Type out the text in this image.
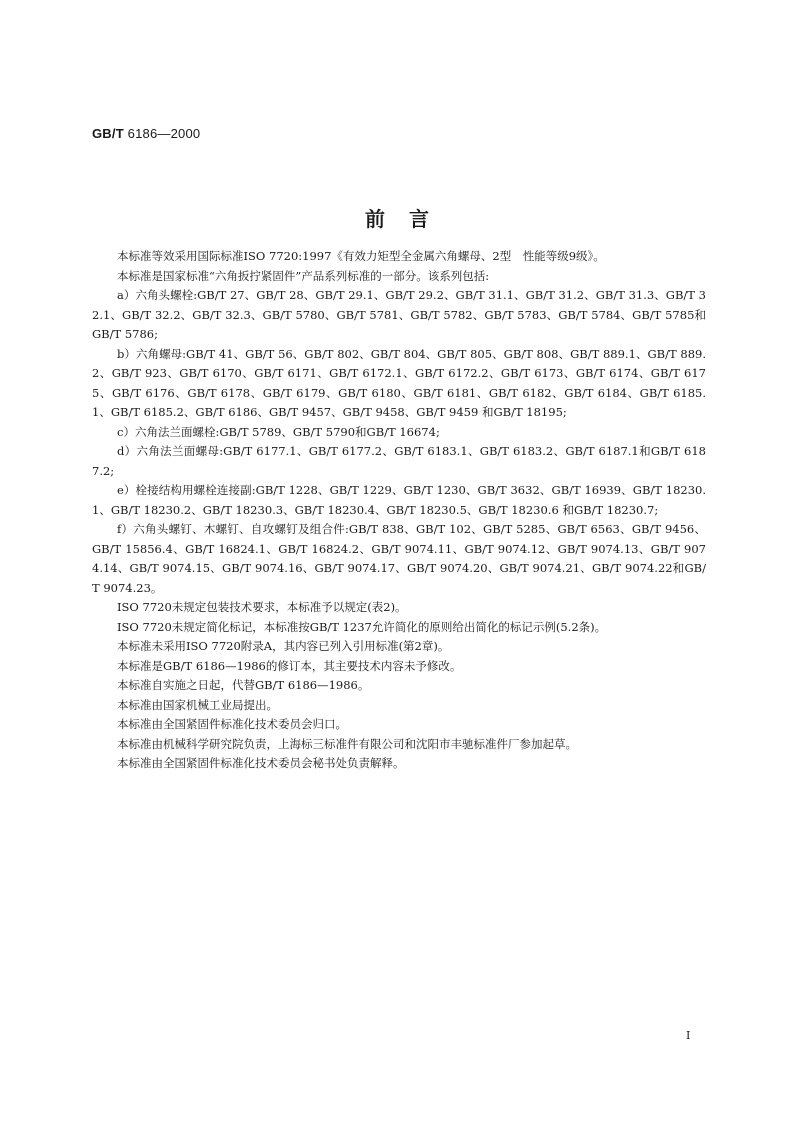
GB/T 6186—2000
前言

本标准等效采用国际标准ISO 7720:1997《有效力矩型全金属六角螺母、2型　性能等级9级》。

本标准是国家标准“六角扳拧紧固件”产品系列标准的一部分。该系列包括:

a）六角头螺栓:GB/T 27、GB/T 28、GB/T 29.1、GB/T 29.2、GB/T 31.1、GB/T 31.2、GB/T 31.3、GB/T 32.1、GB/T 32.2、GB/T 32.3、GB/T 5780、GB/T 5781、GB/T 5782、GB/T 5783、GB/T 5784、GB/T 5785和GB/T 5786;

b）六角螺母:GB/T 41、GB/T 56、GB/T 802、GB/T 804、GB/T 805、GB/T 808、GB/T 889.1、GB/T 889.2、GB/T 923、GB/T 6170、GB/T 6171、GB/T 6172.1、GB/T 6172.2、GB/T 6173、GB/T 6174、GB/T 6175、GB/T 6176、GB/T 6178、GB/T 6179、GB/T 6180、GB/T 6181、GB/T 6182、GB/T 6184、GB/T 6185.1、GB/T 6185.2、GB/T 6186、GB/T 9457、GB/T 9458、GB/T 9459 和GB/T 18195;

c）六角法兰面螺栓:GB/T 5789、GB/T 5790和GB/T 16674;

d）六角法兰面螺母:GB/T 6177.1、GB/T 6177.2、GB/T 6183.1、GB/T 6183.2、GB/T 6187.1和GB/T 6187.2;

e）栓接结构用螺栓连接副:GB/T 1228、GB/T 1229、GB/T 1230、GB/T 3632、GB/T 16939、GB/T 18230.1、GB/T 18230.2、GB/T 18230.3、GB/T 18230.4、GB/T 18230.5、GB/T 18230.6 和GB/T 18230.7;

f）六角头螺钉、木螺钉、自攻螺钉及组合件:GB/T 838、GB/T 102、GB/T 5285、GB/T 6563、GB/T 9456、GB/T 15856.4、GB/T 16824.1、GB/T 16824.2、GB/T 9074.11、GB/T 9074.12、GB/T 9074.13、GB/T 9074.14、GB/T 9074.15、GB/T 9074.16、GB/T 9074.17、GB/T 9074.20、GB/T 9074.21、GB/T 9074.22和GB/T 9074.23。

ISO 7720未规定包装技术要求，本标准予以规定(表2)。

ISO 7720未规定简化标记，本标准按GB/T 1237允许简化的原则给出简化的标记示例(5.2条)。

本标准未采用ISO 7720附录A，其内容已列入引用标准(第2章)。

本标准是GB/T 6186—1986的修订本，其主要技术内容未予修改。

本标准自实施之日起，代替GB/T 6186—1986。

本标准由国家机械工业局提出。

本标准由全国紧固件标准化技术委员会归口。

本标准由机械科学研究院负责，上海标三标准件有限公司和沈阳市丰驰标准件厂参加起草。

本标准由全国紧固件标准化技术委员会秘书处负责解释。

I
